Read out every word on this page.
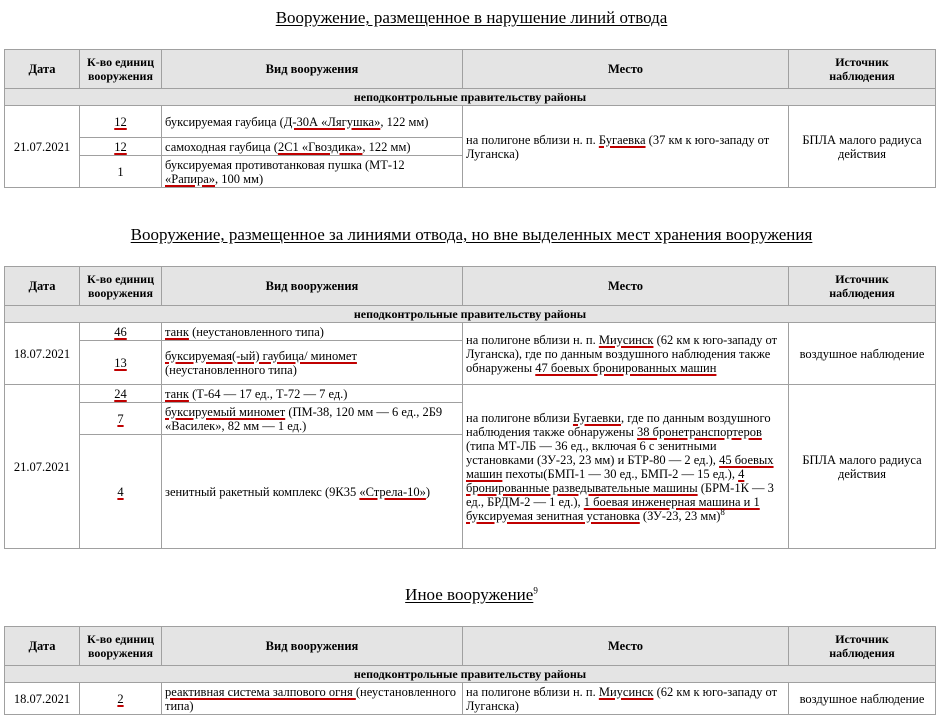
Вооружение, размещенное в нарушение линий отвода
Дата	К-во единиц
вооружения	Вид вооружения	Место	Источник
наблюдения
неподконтрольные правительству районы				
21.07.2021	12	буксируемая гаубица (Д-30А «Лягушка», 122 мм)	на полигоне вблизи н. п. Бугаевка (37 км к юго-западу от Луганска)	БПЛА малого радиуса действия
	12	самоходная гаубица (2С1 «Гвоздика», 122 мм)		
	1	буксируемая противотанковая пушка (МТ-12 «Рапира», 100 мм)		
Вооружение, размещенное за линиями отвода, но вне выделенных мест хранения вооружения
Дата	К-во единиц
вооружения	Вид вооружения	Место	Источник
наблюдения
неподконтрольные правительству районы				
18.07.2021	46	танк (неустановленного типа)	на полигоне вблизи н. п. Миусинск (62 км к юго-западу от Луганска), где по данным воздушного наблюдения также обнаружены 47 боевых бронированных машин	воздушное наблюдение
	13	буксируемая(-ый) гаубица/ миномет (неустановленного типа)		
21.07.2021	24	танк (Т-64 — 17 ед., Т-72 — 7 ед.)	на полигоне вблизи Бугаевки, где по данным воздушного наблюдения также обнаружены 38 бронетранспортеров (типа МТ-ЛБ — 36 ед., включая 6 с зенитными установками (ЗУ-23, 23 мм) и БТР-80 — 2 ед.), 45 боевых машин пехоты(БМП-1 — 30 ед., БМП-2 — 15 ед.), 4 бронированные разведывательные машины (БРМ-1К — 3 ед., БРДМ-2 — 1 ед.), 1 боевая инженерная машина и 1 буксируемая зенитная установка (ЗУ-23, 23 мм)$^8$	БПЛА малого радиуса действия
	7	буксируемый миномет (ПМ-38, 120 мм — 6 ед., 2Б9 «Василек», 82 мм — 1 ед.)		
	4	зенитный ракетный комплекс (9К35 «Стрела-10»)		
Иное вооружение$^9$
Дата	К-во единиц
вооружения	Вид вооружения	Место	Источник
наблюдения
неподконтрольные правительству районы				
18.07.2021	2	реактивная система залпового огня (неустановленного типа)	на полигоне вблизи н. п. Миусинск (62 км к юго-западу от Луганска)	воздушное наблюдение
